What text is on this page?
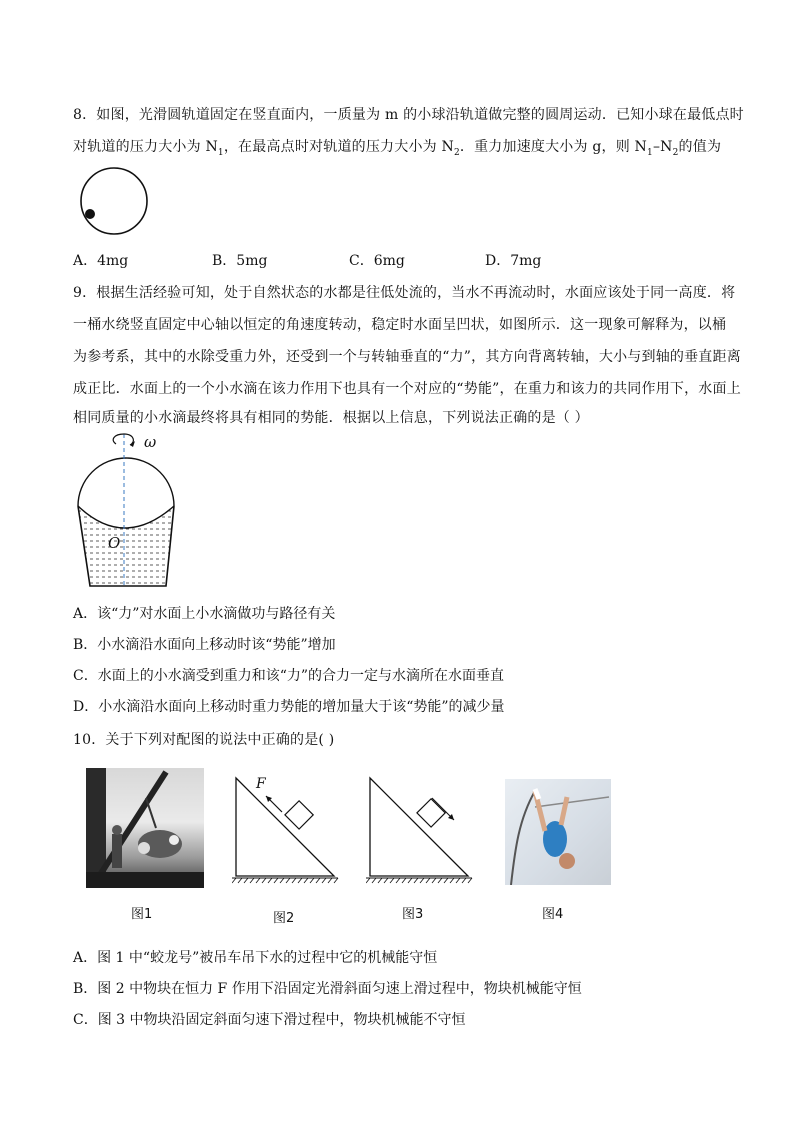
8．如图，光滑圆轨道固定在竖直面内，一质量为 m 的小球沿轨道做完整的圆周运动．已知小球在最低点时
对轨道的压力大小为 $N_1$，在最高点时对轨道的压力大小为 $N_2$．重力加速度大小为 g，则 $N_1-N_2$的值为
A．4mg	B．5mg	C．6mg	D．7mg
9．根据生活经验可知，处于自然状态的水都是往低处流的，当水不再流动时，水面应该处于同一高度．将
一桶水绕竖直固定中心轴以恒定的角速度转动，稳定时水面呈凹状，如图所示．这一现象可解释为，以桶
为参考系，其中的水除受重力外，还受到一个与转轴垂直的“力”，其方向背离转轴，大小与到轴的垂直距离
成正比．水面上的一个小水滴在该力作用下也具有一个对应的“势能”，在重力和该力的共同作用下，水面上
相同质量的小水滴最终将具有相同的势能．根据以上信息，下列说法正确的是（ ）
ω
O
A．该“力”对水面上小水滴做功与路径有关
B．小水滴沿水面向上移动时该“势能”增加
C．水面上的小水滴受到重力和该“力”的合力一定与水滴所在水面垂直
D．小水滴沿水面向上移动时重力势能的增加量大于该“势能”的减少量
10．关于下列对配图的说法中正确的是( )
图1
F
图2	图3	图4
A．图 1 中“蛟龙号”被吊车吊下水的过程中它的机械能守恒
B．图 2 中物块在恒力 F 作用下沿固定光滑斜面匀速上滑过程中，物块机械能守恒
C．图 3 中物块沿固定斜面匀速下滑过程中，物块机械能不守恒
